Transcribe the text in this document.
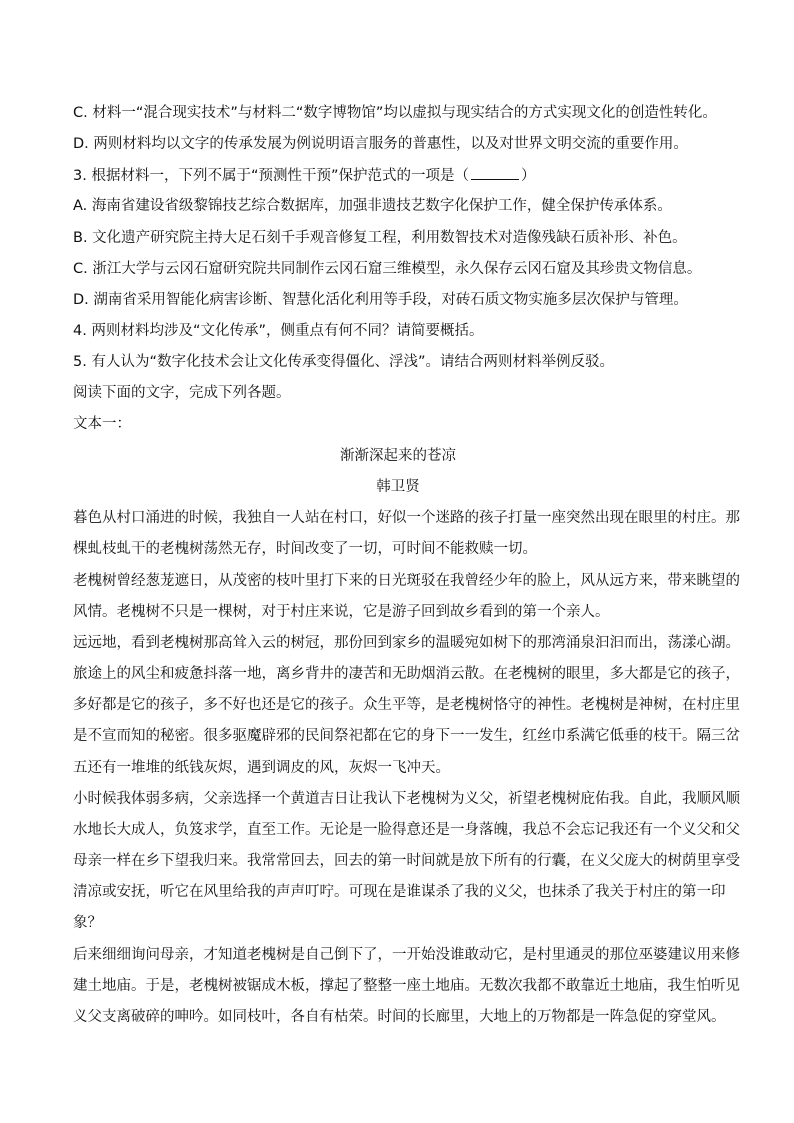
C. 材料一“混合现实技术”与材料二“数字博物馆”均以虚拟与现实结合的方式实现文化的创造性转化。
D. 两则材料均以文字的传承发展为例说明语言服务的普惠性，以及对世界文明交流的重要作用。
3. 根据材料一，下列不属于“预测性干预”保护范式的一项是（	）
A. 海南省建设省级黎锦技艺综合数据库，加强非遗技艺数字化保护工作，健全保护传承体系。
B. 文化遗产研究院主持大足石刻千手观音修复工程，利用数智技术对造像残缺石质补形、补色。
C. 浙江大学与云冈石窟研究院共同制作云冈石窟三维模型，永久保存云冈石窟及其珍贵文物信息。
D. 湖南省采用智能化病害诊断、智慧化活化利用等手段，对砖石质文物实施多层次保护与管理。
4. 两则材料均涉及“文化传承”，侧重点有何不同？请简要概括。
5. 有人认为“数字化技术会让文化传承变得僵化、浮浅”。请结合两则材料举例反驳。
阅读下面的文字，完成下列各题。
文本一：
渐渐深起来的苍凉
韩卫贤
暮色从村口涌进的时候，我独自一人站在村口，好似一个迷路的孩子打量一座突然出现在眼里的村庄。那
棵虬枝虬干的老槐树荡然无存，时间改变了一切，可时间不能救赎一切。
老槐树曾经葱茏遮日，从茂密的枝叶里打下来的日光斑驳在我曾经少年的脸上，风从远方来，带来眺望的
风情。老槐树不只是一棵树，对于村庄来说，它是游子回到故乡看到的第一个亲人。
远远地，看到老槐树那高耸入云的树冠，那份回到家乡的温暖宛如树下的那湾涌泉汩汩而出，荡漾心湖。
旅途上的风尘和疲惫抖落一地，离乡背井的凄苦和无助烟消云散。在老槐树的眼里，多大都是它的孩子，
多好都是它的孩子，多不好也还是它的孩子。众生平等，是老槐树恪守的神性。老槐树是神树，在村庄里
是不宣而知的秘密。很多驱魔辟邪的民间祭祀都在它的身下一一发生，红丝巾系满它低垂的枝干。隔三岔
五还有一堆堆的纸钱灰烬，遇到调皮的风，灰烬一飞冲天。
小时候我体弱多病，父亲选择一个黄道吉日让我认下老槐树为义父，祈望老槐树庇佑我。自此，我顺风顺
水地长大成人，负笈求学，直至工作。无论是一脸得意还是一身落魄，我总不会忘记我还有一个义父和父
母亲一样在乡下望我归来。我常常回去，回去的第一时间就是放下所有的行囊，在义父庞大的树荫里享受
清凉或安抚，听它在风里给我的声声叮咛。可现在是谁谋杀了我的义父，也抹杀了我关于村庄的第一印
象？
后来细细询问母亲，才知道老槐树是自己倒下了，一开始没谁敢动它，是村里通灵的那位巫婆建议用来修
建土地庙。于是，老槐树被锯成木板，撑起了整整一座土地庙。无数次我都不敢靠近土地庙，我生怕听见
义父支离破碎的呻吟。如同枝叶，各自有枯荣。时间的长廊里，大地上的万物都是一阵急促的穿堂风。
